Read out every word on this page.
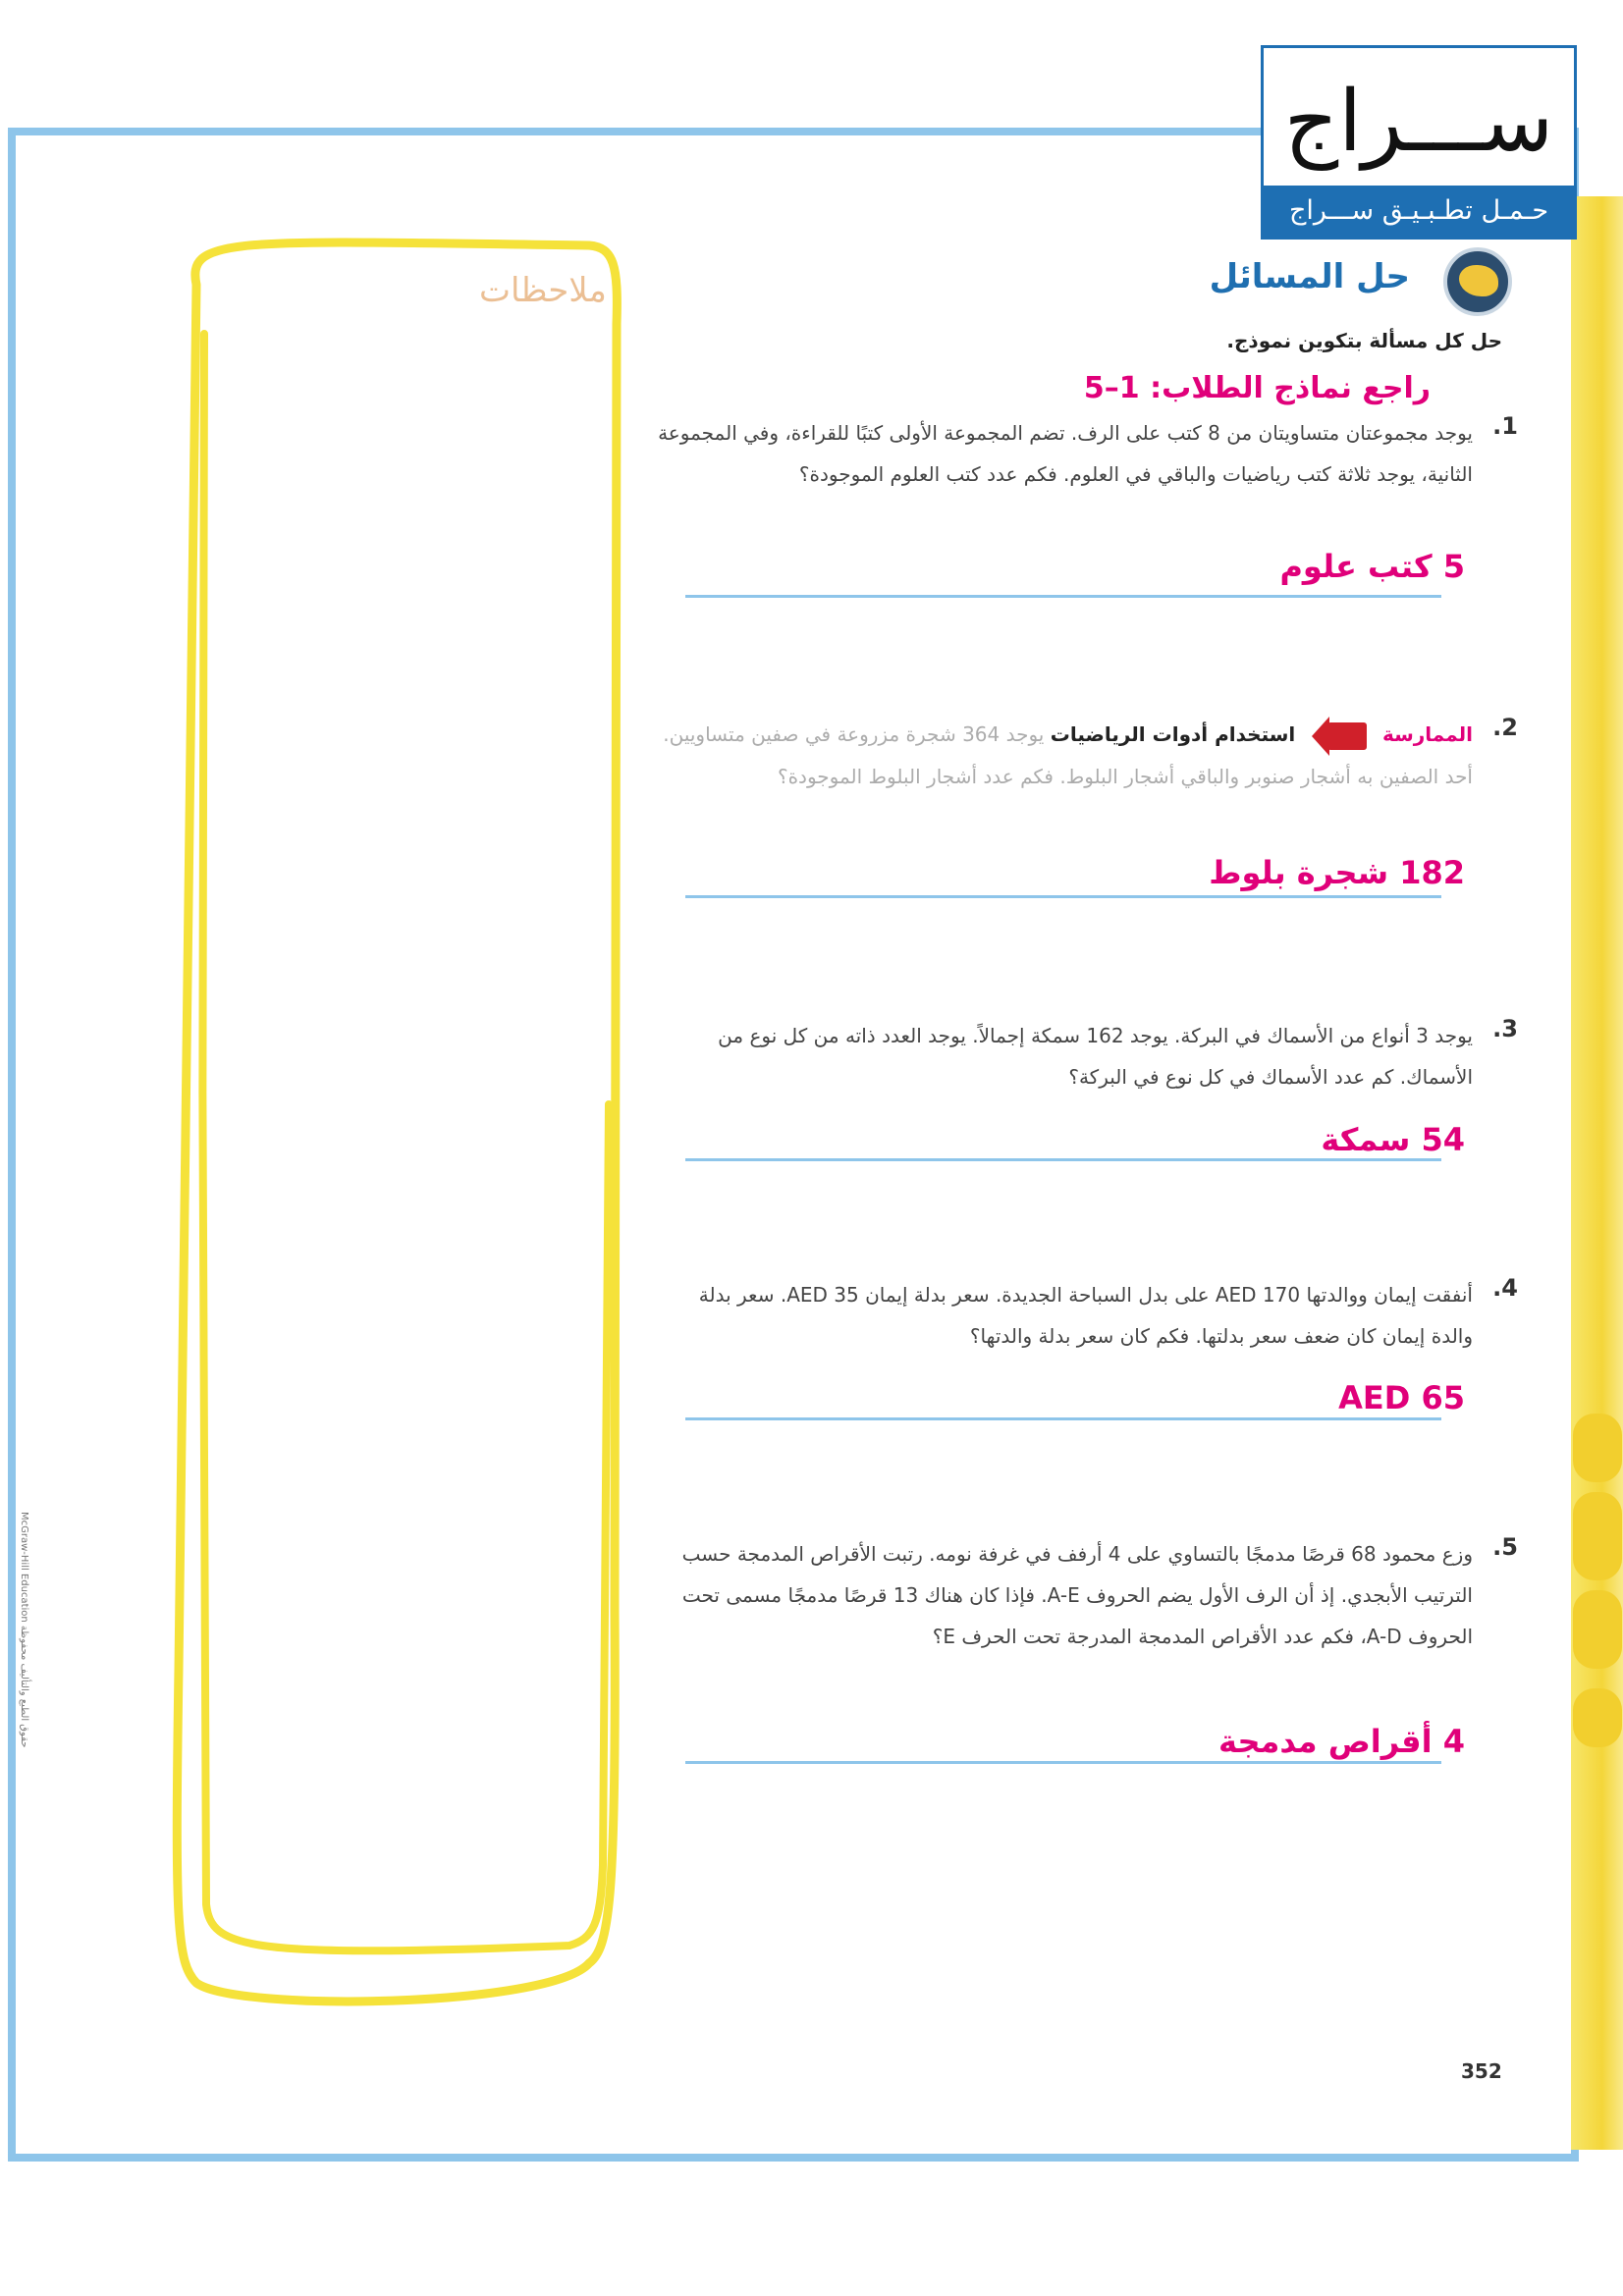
ســـراج
حـمـل تطـبـيـق ســـراج
ملاحظات
McGraw-Hill Education حقوق الطبع والتأليف محفوظة
حل المسائل
حل كل مسألة بتكوين نموذج.
راجع نماذج الطلاب: 1–5
1.

يوجد مجموعتان متساويتان من 8 كتب على الرف. تضم المجموعة الأولى كتبًا للقراءة، وفي المجموعة الثانية، يوجد ثلاثة كتب رياضيات والباقي في العلوم. فكم عدد كتب العلوم الموجودة؟

5 كتب علوم
2.

الممارسة  استخدام أدوات الرياضيات يوجد 364 شجرة مزروعة في صفين متساويين. أحد الصفين به أشجار صنوبر والباقي أشجار البلوط. فكم عدد أشجار البلوط الموجودة؟

182 شجرة بلوط
3.

يوجد 3 أنواع من الأسماك في البركة. يوجد 162 سمكة إجمالاً. يوجد العدد ذاته من كل نوع من الأسماك. كم عدد الأسماك في كل نوع في البركة؟

54 سمكة
4.

أنفقت إيمان ووالدتها AED 170 على بدل السباحة الجديدة. سعر بدلة إيمان AED 35. سعر بدلة والدة إيمان كان ضعف سعر بدلتها. فكم كان سعر بدلة والدتها؟

AED 65
5.

وزع محمود 68 قرصًا مدمجًا بالتساوي على 4 أرفف في غرفة نومه. رتبت الأقراص المدمجة حسب الترتيب الأبجدي. إذ أن الرف الأول يضم الحروف A-E. فإذا كان هناك 13 قرصًا مدمجًا مسمى تحت الحروف A-D، فكم عدد الأقراص المدمجة المدرجة تحت الحرف E؟

4 أقراص مدمجة
352
